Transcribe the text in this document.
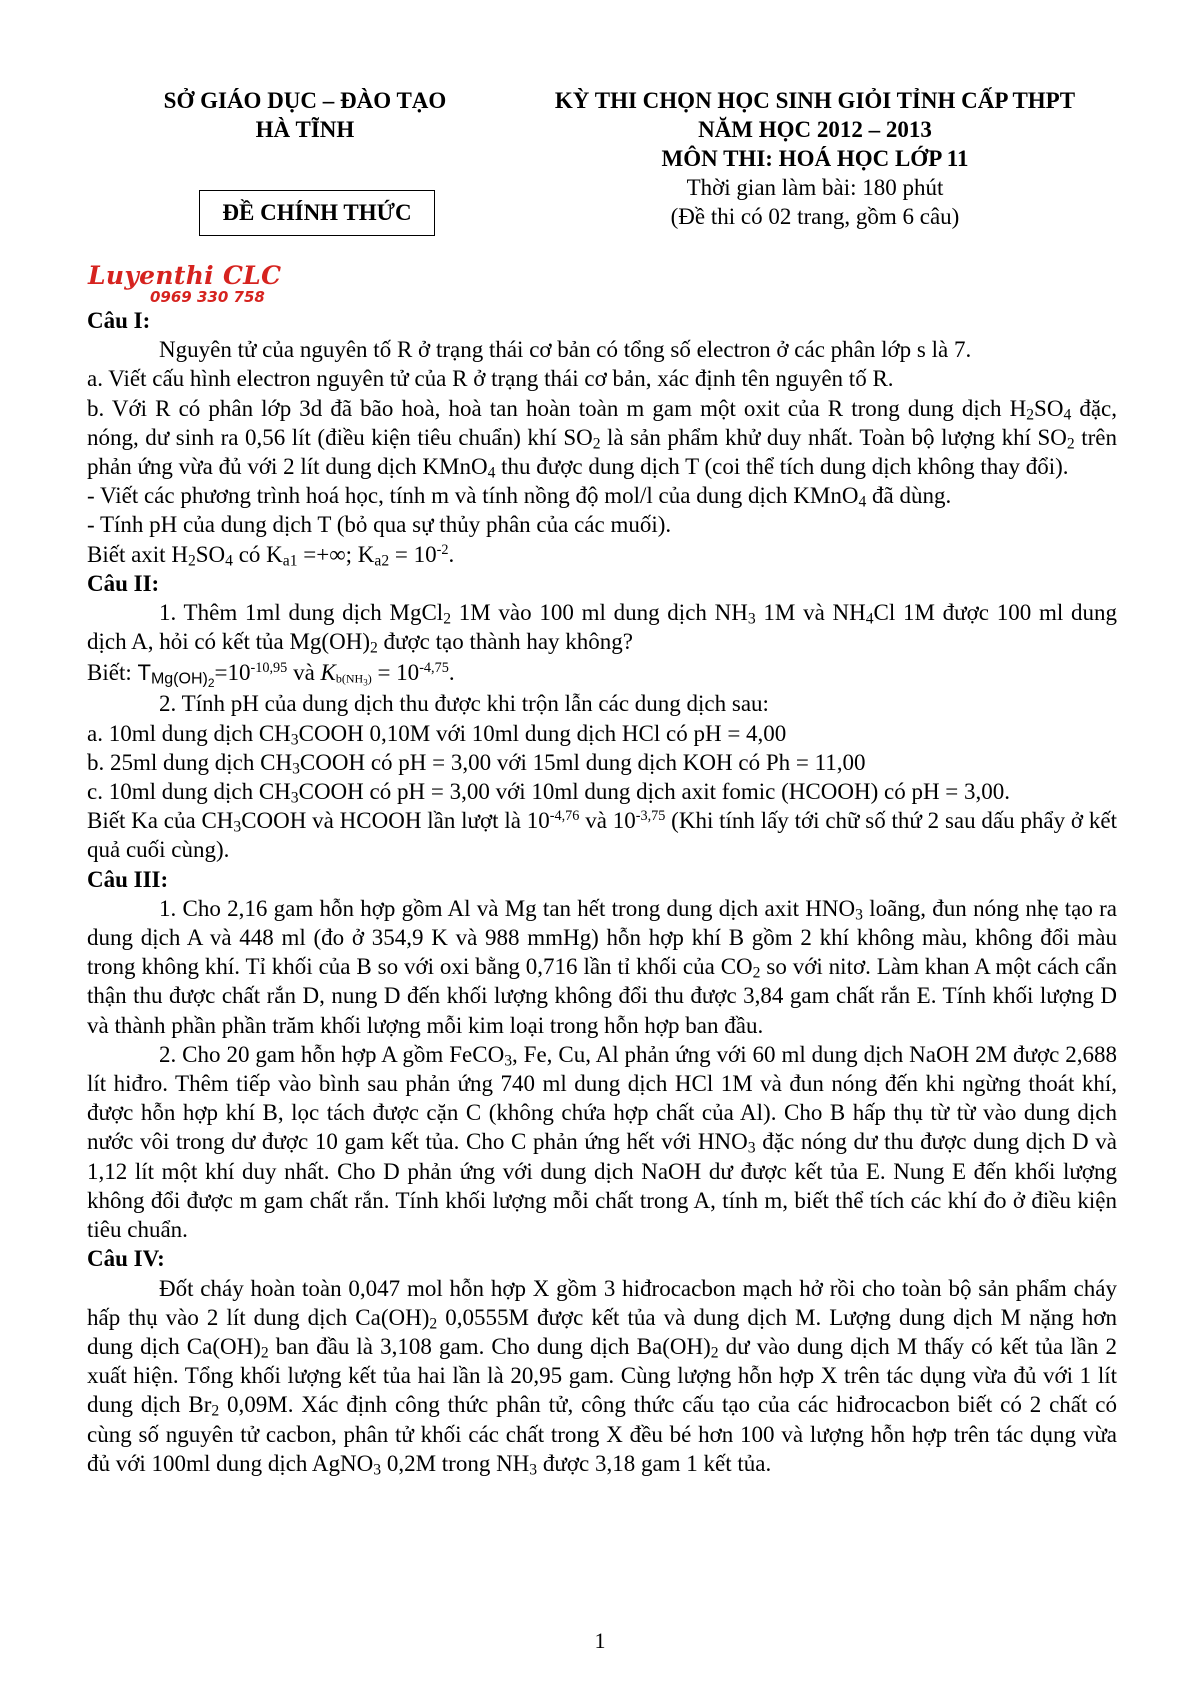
SỞ GIÁO DỤC – ĐÀO TẠO
HÀ TĨNH
ĐỀ CHÍNH THỨC
KỲ THI CHỌN HỌC SINH GIỎI TỈNH CẤP THPT
NĂM HỌC 2012 – 2013
MÔN THI: HOÁ HỌC LỚP 11
Thời gian làm bài: 180 phút
(Đề thi có 02 trang, gồm 6 câu)
Luyenthi CLC
0969 330 758

Câu I:

Nguyên tử của nguyên tố R ở trạng thái cơ bản có tổng số electron ở các phân lớp s là 7.

a. Viết cấu hình electron nguyên tử của R ở trạng thái cơ bản, xác định tên nguyên tố R.

b. Với R có phân lớp 3d đã bão hoà, hoà tan hoàn toàn m gam một oxit của R trong dung dịch $H_2SO_4$ đặc, nóng, dư sinh ra 0,56 lít (điều kiện tiêu chuẩn) khí $SO_2$ là sản phẩm khử duy nhất. Toàn bộ lượng khí $SO_2$ trên phản ứng vừa đủ với 2 lít dung dịch KMnO$_4$ thu được dung dịch T (coi thể tích dung dịch không thay đổi).

- Viết các phương trình hoá học, tính m và tính nồng độ mol/l của dung dịch KMnO$_4$ đã dùng.

- Tính pH của dung dịch T (bỏ qua sự thủy phân của các muối).

Biết axit $H_2SO_4$ có $K_{a1}$ =+∞; $K_{a2} = 10^{-2}$.

Câu II:

1. Thêm 1ml dung dịch MgCl$_2$ 1M vào 100 ml dung dịch $NH_3$ 1M và $NH_4Cl$ 1M được 100 ml dung dịch A, hỏi có kết tủa $Mg(OH)_2$ được tạo thành hay không?

Biết: $T_{Mg(OH)2}=10^{-10,95}$ và $K_{b(NH3)} = 10^{-4,75}$.

2. Tính pH của dung dịch thu được khi trộn lẫn các dung dịch sau:

a. 10ml dung dịch $CH_3COOH$ 0,10M với 10ml dung dịch HCl có pH = 4,00

b. 25ml dung dịch $CH_3COOH$ có pH = 3,00 với 15ml dung dịch KOH có Ph = 11,00

c. 10ml dung dịch $CH_3COOH$ có pH = 3,00 với 10ml dung dịch axit fomic (HCOOH) có pH = 3,00.

Biết Ka của $CH_3COOH$ và HCOOH lần lượt là $10^{-4,76}$ và $10^{-3,75}$ (Khi tính lấy tới chữ số thứ 2 sau dấu phẩy ở kết quả cuối cùng).

Câu III:

1. Cho 2,16 gam hỗn hợp gồm Al và Mg tan hết trong dung dịch axit $HNO_3$ loãng, đun nóng nhẹ tạo ra dung dịch A và 448 ml (đo ở 354,9 K và 988 mmHg) hỗn hợp khí B gồm 2 khí không màu, không đổi màu trong không khí. Tỉ khối của B so với oxi bằng 0,716 lần tỉ khối của $CO_2$ so với nitơ. Làm khan A một cách cẩn thận thu được chất rắn D, nung D đến khối lượng không đổi thu được 3,84 gam chất rắn E. Tính khối lượng D và thành phần phần trăm khối lượng mỗi kim loại trong hỗn hợp ban đầu.

2. Cho 20 gam hỗn hợp A gồm FeCO$_3$, Fe, Cu, Al phản ứng với 60 ml dung dịch NaOH 2M được 2,688 lít hiđro. Thêm tiếp vào bình sau phản ứng 740 ml dung dịch HCl 1M và đun nóng đến khi ngừng thoát khí, được hỗn hợp khí B, lọc tách được cặn C (không chứa hợp chất của Al). Cho B hấp thụ từ từ vào dung dịch nước vôi trong dư được 10 gam kết tủa. Cho C phản ứng hết với $HNO_3$ đặc nóng dư thu được dung dịch D và 1,12 lít một khí duy nhất. Cho D phản ứng với dung dịch NaOH dư được kết tủa E. Nung E đến khối lượng không đổi được m gam chất rắn. Tính khối lượng mỗi chất trong A, tính m, biết thể tích các khí đo ở điều kiện tiêu chuẩn.

Câu IV:

Đốt cháy hoàn toàn 0,047 mol hỗn hợp X gồm 3 hiđrocacbon mạch hở rồi cho toàn bộ sản phẩm cháy hấp thụ vào 2 lít dung dịch $Ca(OH)_2$ 0,0555M được kết tủa và dung dịch M. Lượng dung dịch M nặng hơn dung dịch $Ca(OH)_2$ ban đầu là 3,108 gam. Cho dung dịch $Ba(OH)_2$ dư vào dung dịch M thấy có kết tủa lần 2 xuất hiện. Tổng khối lượng kết tủa hai lần là 20,95 gam. Cùng lượng hỗn hợp X trên tác dụng vừa đủ với 1 lít dung dịch $Br_2$ 0,09M. Xác định công thức phân tử, công thức cấu tạo của các hiđrocacbon biết có 2 chất có cùng số nguyên tử cacbon, phân tử khối các chất trong X đều bé hơn 100 và lượng hỗn hợp trên tác dụng vừa đủ với 100ml dung dịch AgNO$_3$ 0,2M trong $NH_3$ được 3,18 gam 1 kết tủa.

1
